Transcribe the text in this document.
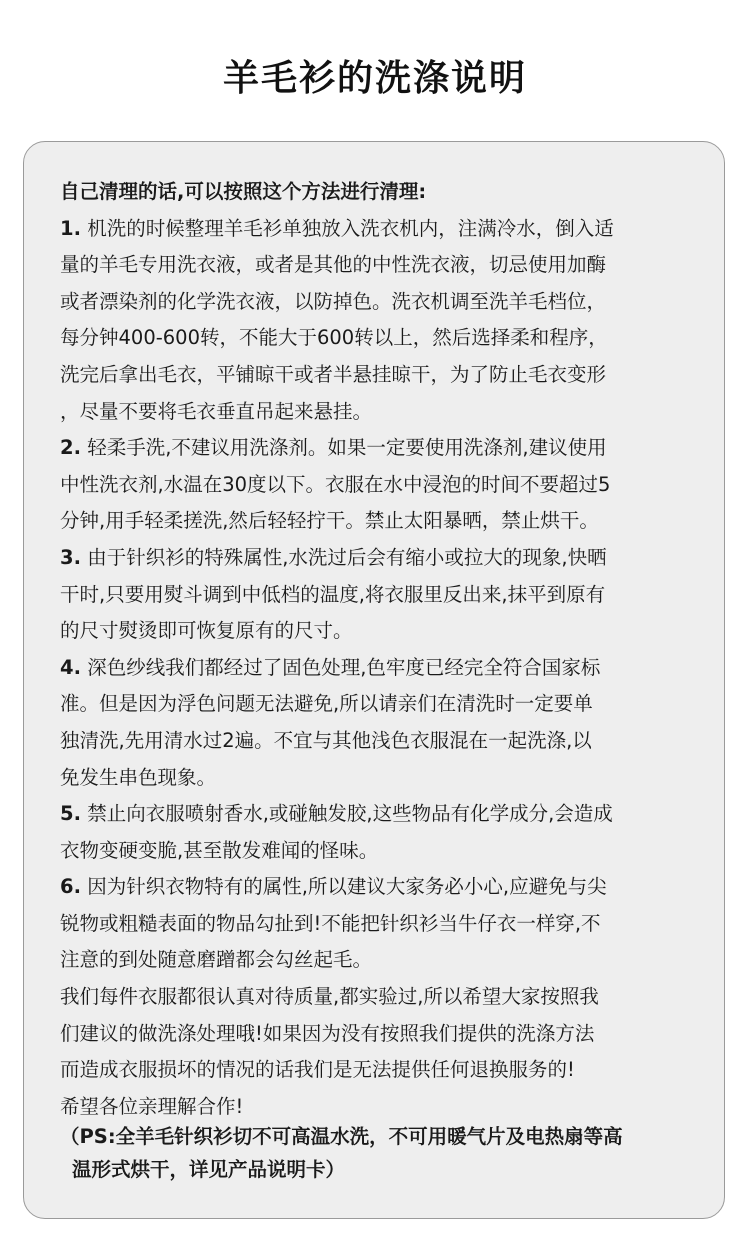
羊毛衫的洗涤说明
自己清理的话,可以按照这个方法进行清理:
1. 机洗的时候整理羊毛衫单独放入洗衣机内，注满冷水，倒入适
量的羊毛专用洗衣液，或者是其他的中性洗衣液，切忌使用加酶
或者漂染剂的化学洗衣液，以防掉色。洗衣机调至洗羊毛档位，
每分钟400-600转，不能大于600转以上，然后选择柔和程序，
洗完后拿出毛衣，平铺晾干或者半悬挂晾干，为了防止毛衣变形
，尽量不要将毛衣垂直吊起来悬挂。
2. 轻柔手洗,不建议用洗涤剂。如果一定要使用洗涤剂,建议使用
中性洗衣剂,水温在30度以下。衣服在水中浸泡的时间不要超过5
分钟,用手轻柔搓洗,然后轻轻拧干。禁止太阳暴晒，禁止烘干。
3. 由于针织衫的特殊属性,水洗过后会有缩小或拉大的现象,快晒
干时,只要用熨斗调到中低档的温度,将衣服里反出来,抹平到原有
的尺寸熨烫即可恢复原有的尺寸。
4. 深色纱线我们都经过了固色处理,色牢度已经完全符合国家标
准。但是因为浮色问题无法避免,所以请亲们在清洗时一定要单
独清洗,先用清水过2遍。不宜与其他浅色衣服混在一起洗涤,以
免发生串色现象。
5. 禁止向衣服喷射香水,或碰触发胶,这些物品有化学成分,会造成
衣物变硬变脆,甚至散发难闻的怪味。
6. 因为针织衣物特有的属性,所以建议大家务必小心,应避免与尖
锐物或粗糙表面的物品勾扯到!不能把针织衫当牛仔衣一样穿,不
注意的到处随意磨蹭都会勾丝起毛。
我们每件衣服都很认真对待质量,都实验过,所以希望大家按照我
们建议的做洗涤处理哦!如果因为没有按照我们提供的洗涤方法
而造成衣服损坏的情况的话我们是无法提供任何退换服务的!
希望各位亲理解合作!
（PS:全羊毛针织衫切不可高温水洗，不可用暖气片及电热扇等高
温形式烘干，详见产品说明卡）
